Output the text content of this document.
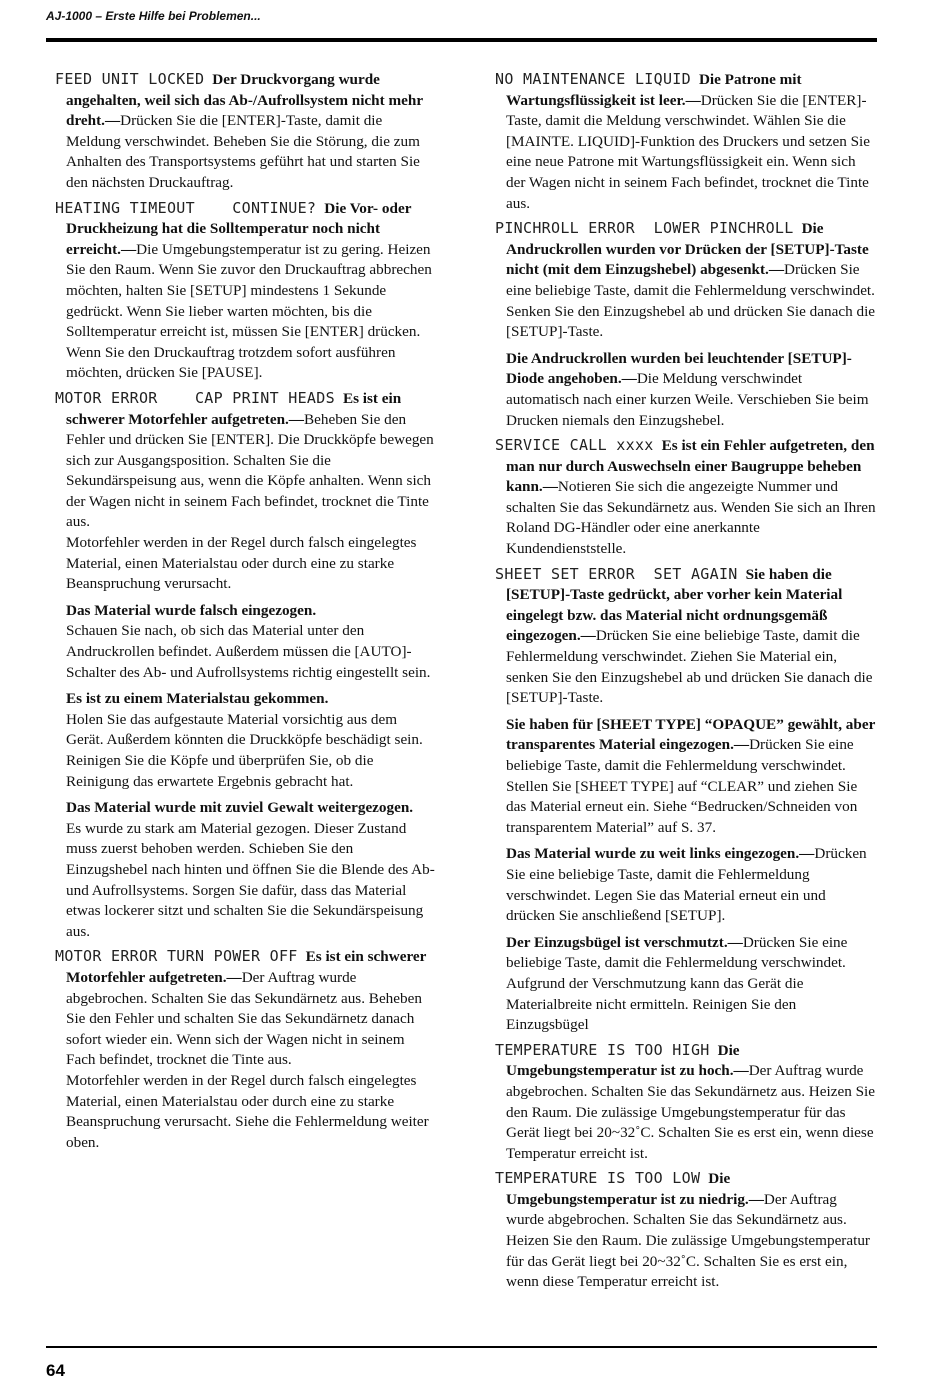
AJ-1000 – Erste Hilfe bei Problemen...

FEED UNIT LOCKED Der Druckvorgang wurde angehalten, weil sich das Ab-/Aufrollsystem nicht mehr dreht.—Drücken Sie die [ENTER]-Taste, damit die Meldung verschwindet. Beheben Sie die Störung, die zum Anhalten des Transportsystems geführt hat und starten Sie den nächsten Druckauftrag.

HEATING TIMEOUT    CONTINUE? Die Vor- oder Druckheizung hat die Solltemperatur noch nicht erreicht.—Die Umgebungstemperatur ist zu gering. Heizen Sie den Raum. Wenn Sie zuvor den Druckauftrag abbrechen möchten, halten Sie [SETUP] mindestens 1 Sekunde gedrückt. Wenn Sie lieber warten möchten, bis die Solltemperatur erreicht ist, müssen Sie [ENTER] drücken. Wenn Sie den Druckauftrag trotzdem sofort ausführen möchten, drücken Sie [PAUSE].

MOTOR ERROR    CAP PRINT HEADS Es ist ein schwerer Motorfehler aufgetreten.—Beheben Sie den Fehler und drücken Sie [ENTER]. Die Druckköpfe bewegen sich zur Ausgangsposition. Schalten Sie die Sekundärspeisung aus, wenn die Köpfe anhalten. Wenn sich der Wagen nicht in seinem Fach befindet, trocknet die Tinte aus.

Motorfehler werden in der Regel durch falsch eingelegtes Material, einen Materialstau oder durch eine zu starke Beanspruchung verursacht.

Das Material wurde falsch eingezogen.
Schauen Sie nach, ob sich das Material unter den Andruckrollen befindet. Außerdem müssen die [AUTO]-Schalter des Ab- und Aufrollsystems richtig eingestellt sein.
Es ist zu einem Materialstau gekommen.
Holen Sie das aufgestaute Material vorsichtig aus dem Gerät. Außerdem könnten die Druckköpfe beschädigt sein. Reinigen Sie die Köpfe und überprüfen Sie, ob die Reinigung das erwartete Ergebnis gebracht hat.
Das Material wurde mit zuviel Gewalt weitergezogen.
Es wurde zu stark am Material gezogen. Dieser Zustand muss zuerst behoben werden. Schieben Sie den Einzugshebel nach hinten und öffnen Sie die Blende des Ab- und Aufrollsystems. Sorgen Sie dafür, dass das Material etwas lockerer sitzt und schalten Sie die Sekundärspeisung aus.

MOTOR ERROR TURN POWER OFF Es ist ein schwerer Motorfehler aufgetreten.—Der Auftrag wurde abgebrochen. Schalten Sie das Sekundärnetz aus. Beheben Sie den Fehler und schalten Sie das Sekundärnetz danach sofort wieder ein. Wenn sich der Wagen nicht in seinem Fach befindet, trocknet die Tinte aus.

Motorfehler werden in der Regel durch falsch eingelegtes Material, einen Materialstau oder durch eine zu starke Beanspruchung verursacht. Siehe die Fehlermeldung weiter oben.

NO MAINTENANCE LIQUID Die Patrone mit Wartungsflüssigkeit ist leer.—Drücken Sie die [ENTER]-Taste, damit die Meldung verschwindet. Wählen Sie die [MAINTE. LIQUID]-Funktion des Druckers und setzen Sie eine neue Patrone mit Wartungsflüssigkeit ein. Wenn sich der Wagen nicht in seinem Fach befindet, trocknet die Tinte aus.

PINCHROLL ERROR  LOWER PINCHROLL Die Andruckrollen wurden vor Drücken der [SETUP]-Taste nicht (mit dem Einzugshebel) abgesenkt.—Drücken Sie eine beliebige Taste, damit die Fehlermeldung verschwindet. Senken Sie den Einzugshebel ab und drücken Sie danach die [SETUP]-Taste.

Die Andruckrollen wurden bei leuchtender [SETUP]-Diode angehoben.—Die Meldung verschwindet automatisch nach einer kurzen Weile. Verschieben Sie beim Drucken niemals den Einzugshebel.

SERVICE CALL xxxx Es ist ein Fehler aufgetreten, den man nur durch Auswechseln einer Baugruppe beheben kann.—Notieren Sie sich die angezeigte Nummer und schalten Sie das Sekundärnetz aus. Wenden Sie sich an Ihren Roland DG-Händler oder eine anerkannte Kundendienststelle.

SHEET SET ERROR  SET AGAIN Sie haben die [SETUP]-Taste gedrückt, aber vorher kein Material eingelegt bzw. das Material nicht ordnungsgemäß eingezogen.—Drücken Sie eine beliebige Taste, damit die Fehlermeldung verschwindet. Ziehen Sie Material ein, senken Sie den Einzugshebel ab und drücken Sie danach die [SETUP]-Taste.

Sie haben für [SHEET TYPE] “OPAQUE” gewählt, aber transparentes Material eingezogen.—Drücken Sie eine beliebige Taste, damit die Fehlermeldung verschwindet. Stellen Sie [SHEET TYPE] auf “CLEAR” und ziehen Sie das Material erneut ein. Siehe “Bedrucken/Schneiden von transparentem Material” auf S. 37.
Das Material wurde zu weit links eingezogen.—Drücken Sie eine beliebige Taste, damit die Fehlermeldung verschwindet. Legen Sie das Material erneut ein und drücken Sie anschließend [SETUP].
Der Einzugsbügel ist verschmutzt.—Drücken Sie eine beliebige Taste, damit die Fehlermeldung verschwindet. Aufgrund der Verschmutzung kann das Gerät die Materialbreite nicht ermitteln. Reinigen Sie den Einzugsbügel

TEMPERATURE IS TOO HIGH Die Umgebungstemperatur ist zu hoch.—Der Auftrag wurde abgebrochen. Schalten Sie das Sekundärnetz aus. Heizen Sie den Raum. Die zulässige Umgebungstemperatur für das Gerät liegt bei 20~32˚C. Schalten Sie es erst ein, wenn diese Temperatur erreicht ist.

TEMPERATURE IS TOO LOW Die Umgebungstemperatur ist zu niedrig.—Der Auftrag wurde abgebrochen. Schalten Sie das Sekundärnetz aus. Heizen Sie den Raum. Die zulässige Umgebungstemperatur für das Gerät liegt bei 20~32˚C. Schalten Sie es erst ein, wenn diese Temperatur erreicht ist.

64
